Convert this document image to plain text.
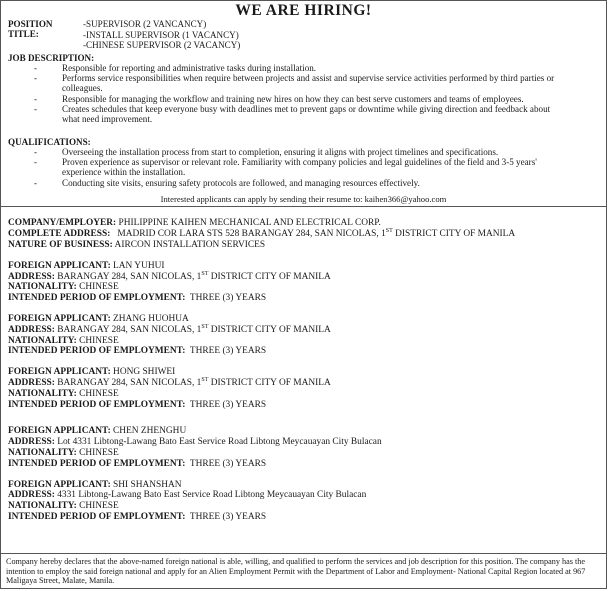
WE ARE HIRING!
POSITION TITLE:
-SUPERVISOR (2 VANCANCY)
-INSTALL SUPERVISOR (1 VACANCY)
-CHINESE SUPERVISOR (2 VACANCY)
JOB DESCRIPTION:
- Responsible for reporting and administrative tasks during installation.
- Performs service responsibilities when require between projects and assist and supervise service activities performed by third parties or colleagues.
- Responsible for managing the workflow and training new hires on how they can best serve customers and teams of employees.
- Creates schedules that keep everyone busy with deadlines met to prevent gaps or downtime while giving direction and feedback about what need improvement.
QUALIFICATIONS:
- Overseeing the installation process from start to completion, ensuring it aligns with project timelines and specifications.
- Proven experience as supervisor or relevant role. Familiarity with company policies and legal guidelines of the field and 3-5 years' experience within the installation.
- Conducting site visits, ensuring safety protocols are followed, and managing resources effectively.
Interested applicants can apply by sending their resume to: kaihen366@yahoo.com
COMPANY/EMPLOYER: PHILIPPINE KAIHEN MECHANICAL AND ELECTRICAL CORP.
COMPLETE ADDRESS: MADRID COR LARA STS 528 BARANGAY 284, SAN NICOLAS, 1ST DISTRICT CITY OF MANILA
NATURE OF BUSINESS: AIRCON INSTALLATION SERVICES
FOREIGN APPLICANT: LAN YUHUI
ADDRESS: BARANGAY 284, SAN NICOLAS, 1ST DISTRICT CITY OF MANILA
NATIONALITY: CHINESE
INTENDED PERIOD OF EMPLOYMENT: THREE (3) YEARS
FOREIGN APPLICANT: ZHANG HUOHUA
ADDRESS: BARANGAY 284, SAN NICOLAS, 1ST DISTRICT CITY OF MANILA
NATIONALITY: CHINESE
INTENDED PERIOD OF EMPLOYMENT: THREE (3) YEARS
FOREIGN APPLICANT: HONG SHIWEI
ADDRESS: BARANGAY 284, SAN NICOLAS, 1ST DISTRICT CITY OF MANILA
NATIONALITY: CHINESE
INTENDED PERIOD OF EMPLOYMENT: THREE (3) YEARS
FOREIGN APPLICANT: CHEN ZHENGHU
ADDRESS: Lot 4331 Libtong-Lawang Bato East Service Road Libtong Meycauayan City Bulacan
NATIONALITY: CHINESE
INTENDED PERIOD OF EMPLOYMENT: THREE (3) YEARS
FOREIGN APPLICANT: SHI SHANSHAN
ADDRESS: 4331 Libtong-Lawang Bato East Service Road Libtong Meycauayan City Bulacan
NATIONALITY: CHINESE
INTENDED PERIOD OF EMPLOYMENT: THREE (3) YEARS
Company hereby declares that the above-named foreign national is able, willing, and qualified to perform the services and job description for this position. The company has the intention to employ the said foreign national and apply for an Alien Employment Permit with the Department of Labor and Employment- National Capital Region located at 967 Maligaya Street, Malate, Manila.
